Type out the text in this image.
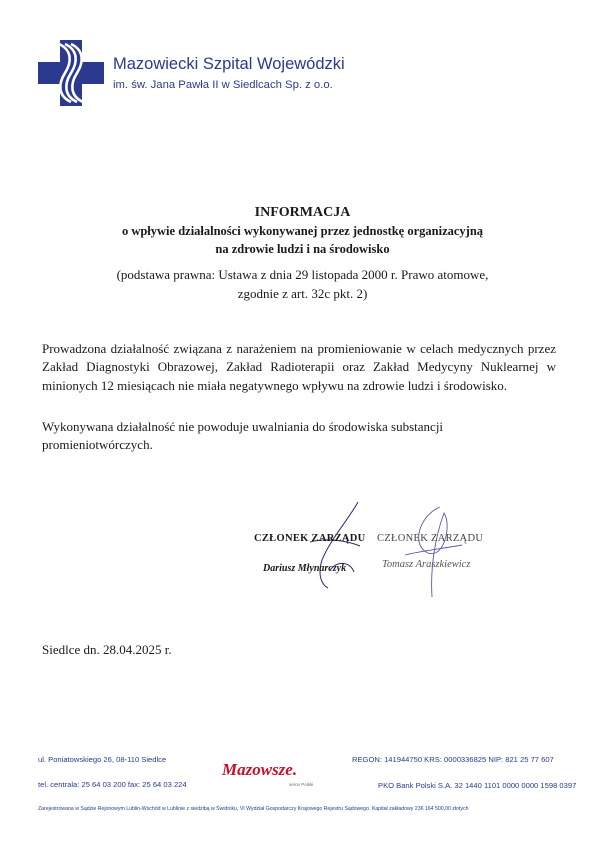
Mazowiecki Szpital Wojewódzki
im. św. Jana Pawła II w Siedlcach Sp. z o.o.
INFORMACJA
o wpływie działalności wykonywanej przez jednostkę organizacyjną
na zdrowie ludzi i na środowisko
(podstawa prawna: Ustawa z dnia 29 listopada 2000 r. Prawo atomowe,
zgodnie z art. 32c pkt. 2)
Prowadzona działalność związana z narażeniem na promieniowanie w celach medycznych przez Zakład Diagnostyki Obrazowej, Zakład Radioterapii oraz Zakład Medycyny Nuklearnej w minionych 12 miesiącach nie miała negatywnego wpływu na zdrowie ludzi i środowisko.
Wykonywana działalność nie powoduje uwalniania do środowiska substancji promieniotwórczych.
CZŁONEK ZARZĄDU
Dariusz Młynarczyk
CZŁONEK ZARZĄDU
Tomasz Araszkiewicz
Siedlce dn. 28.04.2025 r.
ul. Poniatowskiego 26, 08-110 Siedlce
tel. centrala: 25 64 03 200 fax: 25 64 03 224
Mazowsze.
serce Polski
REGON: 141944750 KRS: 0000336825 NIP: 821 25 77 607
PKO Bank Polski S.A. 32 1440 1101 0000 0000 1598 0397
Zarejestrowana w Sądzie Rejonowym Lublin-Wschód w Lublinie z siedzibą w Świdniku, VI Wydział Gospodarczy Krajowego Rejestru Sądowego. Kapitał zakładowy 236 164 500,00 złotych
